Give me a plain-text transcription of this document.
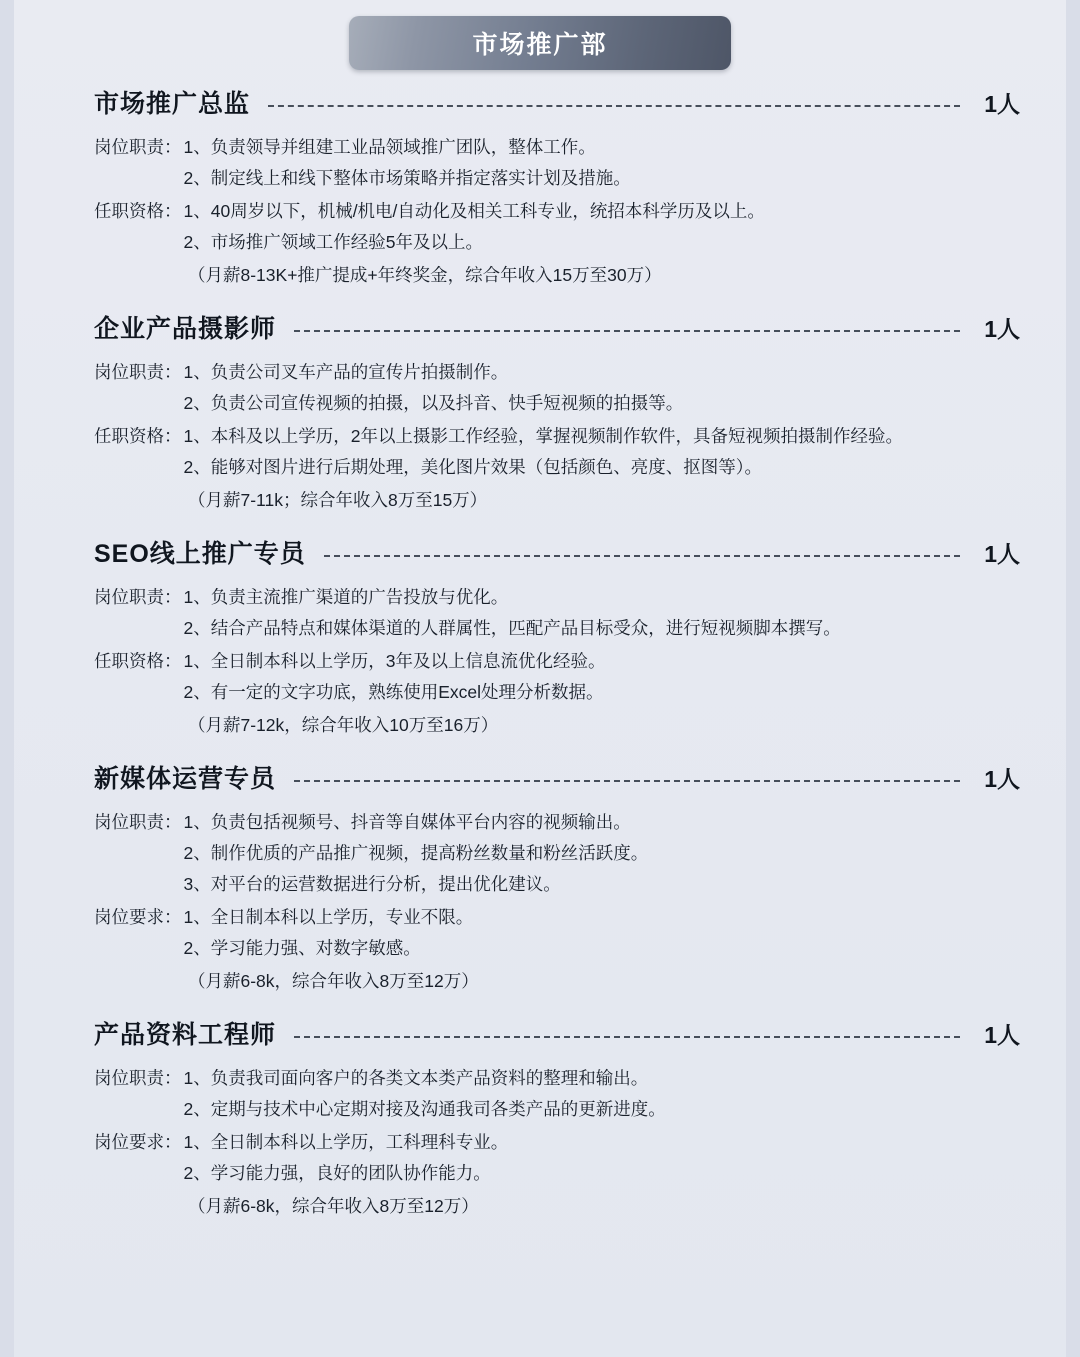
市场推广部
市场推广总监	1人
岗位职责： 1、 负责领导并组建工业品领域推广团队，整体工作。
2、 制定线上和线下整体市场策略并指定落实计划及措施。
任职资格： 1、 40周岁以下，机械/机电/自动化及相关工科专业，统招本科学历及以上。
2、 市场推广领域工作经验5年及以上。
（月薪8-13K+推广提成+年终奖金，综合年收入15万至30万）
企业产品摄影师	1人
岗位职责： 1、 负责公司叉车产品的宣传片拍摄制作。
2、 负责公司宣传视频的拍摄，以及抖音、快手短视频的拍摄等。
任职资格： 1、 本科及以上学历，2年以上摄影工作经验，掌握视频制作软件，具备短视频拍摄制作经验。
2、 能够对图片进行后期处理，美化图片效果（包括颜色、亮度、抠图等）。
（月薪7-11k；综合年收入8万至15万）
SEO线上推广专员	1人
岗位职责： 1、 负责主流推广渠道的广告投放与优化。
2、 结合产品特点和媒体渠道的人群属性，匹配产品目标受众，进行短视频脚本撰写。
任职资格： 1、 全日制本科以上学历，3年及以上信息流优化经验。
2、 有一定的文字功底，熟练使用Excel处理分析数据。
（月薪7-12k，综合年收入10万至16万）
新媒体运营专员	1人
岗位职责： 1、 负责包括视频号、抖音等自媒体平台内容的视频输出。
2、 制作优质的产品推广视频，提高粉丝数量和粉丝活跃度。
3、 对平台的运营数据进行分析，提出优化建议。
岗位要求： 1、 全日制本科以上学历，专业不限。
2、 学习能力强、对数字敏感。
（月薪6-8k，综合年收入8万至12万）
产品资料工程师	1人
岗位职责： 1、 负责我司面向客户的各类文本类产品资料的整理和输出。
2、 定期与技术中心定期对接及沟通我司各类产品的更新进度。
岗位要求： 1、 全日制本科以上学历，工科理科专业。
2、 学习能力强，良好的团队协作能力。
（月薪6-8k，综合年收入8万至12万）
